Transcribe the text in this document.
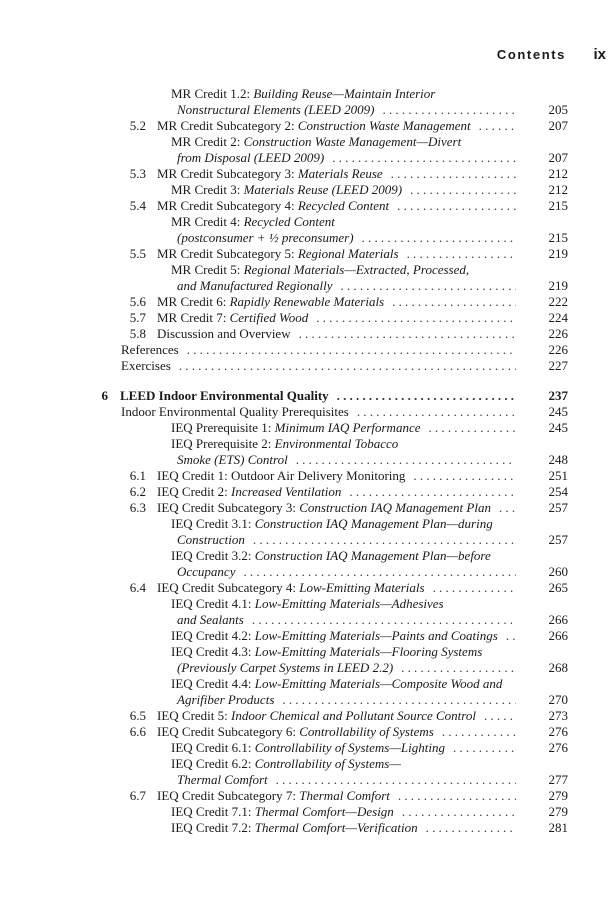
Contents ix
MR Credit 1.2: Building Reuse—Maintain Interior
Nonstructural Elements (LEED 2009) .....	205
5.2 MR Credit Subcategory 2: Construction Waste Management .....	207
MR Credit 2: Construction Waste Management—Divert
from Disposal (LEED 2009) .....	207
5.3 MR Credit Subcategory 3: Materials Reuse .....	212
MR Credit 3: Materials Reuse (LEED 2009) .....	212
5.4 MR Credit Subcategory 4: Recycled Content .....	215
MR Credit 4: Recycled Content
(postconsumer + ½ preconsumer) .....	215
5.5 MR Credit Subcategory 5: Regional Materials .....	219
MR Credit 5: Regional Materials—Extracted, Processed,
and Manufactured Regionally .....	219
5.6 MR Credit 6: Rapidly Renewable Materials .....	222
5.7 MR Credit 7: Certified Wood .....	224
5.8 Discussion and Overview .....	226
References .....	226
Exercises .....	227
6 LEED Indoor Environmental Quality .....	237
Indoor Environmental Quality Prerequisites .....	245
IEQ Prerequisite 1: Minimum IAQ Performance .....	245
IEQ Prerequisite 2: Environmental Tobacco
Smoke (ETS) Control .....	248
6.1 IEQ Credit 1: Outdoor Air Delivery Monitoring .....	251
6.2 IEQ Credit 2: Increased Ventilation .....	254
6.3 IEQ Credit Subcategory 3: Construction IAQ Management Plan .....	257
IEQ Credit 3.1: Construction IAQ Management Plan—during
Construction .....	257
IEQ Credit 3.2: Construction IAQ Management Plan—before
Occupancy .....	260
6.4 IEQ Credit Subcategory 4: Low-Emitting Materials .....	265
IEQ Credit 4.1: Low-Emitting Materials—Adhesives
and Sealants .....	266
IEQ Credit 4.2: Low-Emitting Materials—Paints and Coatings .....	266
IEQ Credit 4.3: Low-Emitting Materials—Flooring Systems
(Previously Carpet Systems in LEED 2.2) .....	268
IEQ Credit 4.4: Low-Emitting Materials—Composite Wood and
Agrifiber Products .....	270
6.5 IEQ Credit 5: Indoor Chemical and Pollutant Source Control .....	273
6.6 IEQ Credit Subcategory 6: Controllability of Systems .....	276
IEQ Credit 6.1: Controllability of Systems—Lighting .....	276
IEQ Credit 6.2: Controllability of Systems—
Thermal Comfort .....	277
6.7 IEQ Credit Subcategory 7: Thermal Comfort .....	279
IEQ Credit 7.1: Thermal Comfort—Design .....	279
IEQ Credit 7.2: Thermal Comfort—Verification .....	281
